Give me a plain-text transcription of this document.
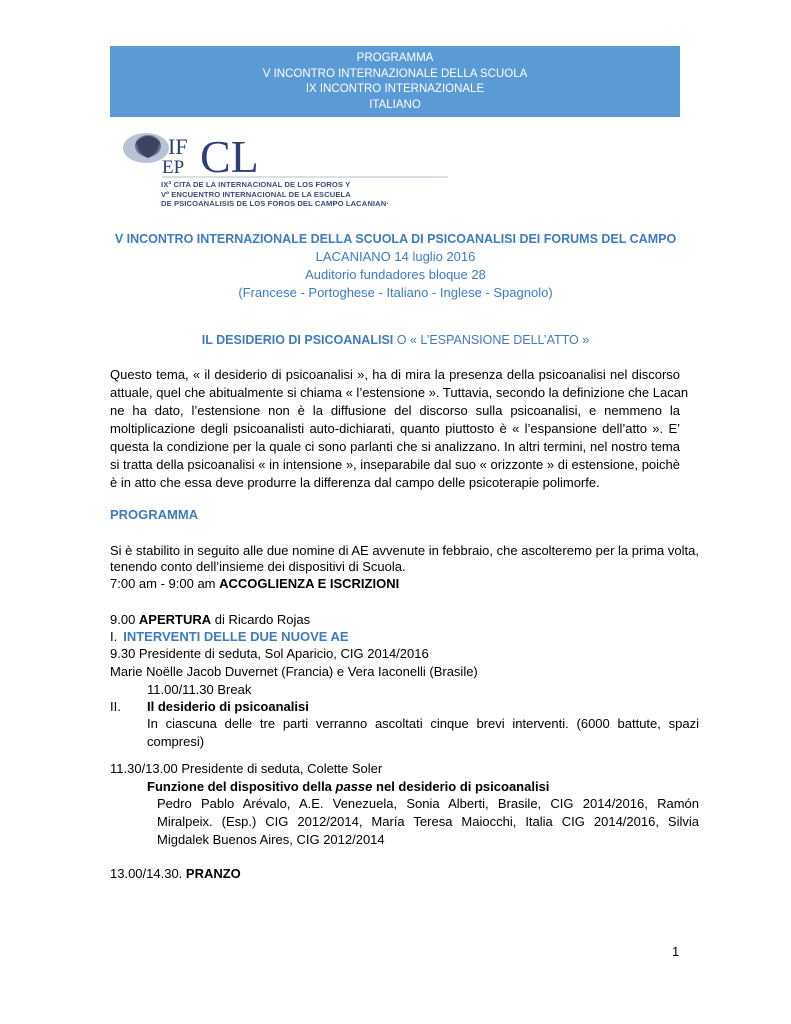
PROGRAMMA
V INCONTRO INTERNAZIONALE DELLA SCUOLA
IX INCONTRO INTERNAZIONALE
ITALIANO
IF
EP CL
IXª CITA DE LA INTERNACIONAL DE LOS FOROS Y
Vº ENCUENTRO INTERNACIONAL DE LA ESCUELA
DE PSICOANÁLISIS DE LOS FOROS DEL CAMPO LACANIAN·
V INCONTRO INTERNAZIONALE DELLA SCUOLA DI PSICOANALISI DEI FORUMS DEL CAMPO
LACANIANO 14 luglio 2016
Auditorio fundadores bloque 28
(Francese - Portoghese - Italiano - Inglese - Spagnolo)
IL DESIDERIO DI PSICOANALISI O « L’ESPANSIONE DELL’ATTO »
Questo tema, « il desiderio di psicoanalisi », ha di mira la presenza della psicoanalisi nel discorso
attuale, quel che abitualmente si chiama « l’estensione ». Tuttavia, secondo la definizione che Lacan
ne ha dato, l’estensione non è la diffusione del discorso sulla psicoanalisi, e nemmeno la
moltiplicazione degli psicoanalisti auto-dichiarati, quanto piuttosto è « l’espansione dell’atto ». E’
questa la condizione per la quale ci sono parlanti che si analizzano. In altri termini, nel nostro tema
si tratta della psicoanalisi « in intensione », inseparabile dal suo « orizzonte » di estensione, poichè
è in atto che essa deve produrre la differenza dal campo delle psicoterapie polimorfe.
PROGRAMMA
Si è stabilito in seguito alle due nomine di AE avvenute in febbraio, che ascolteremo per la prima volta,
tenendo conto dell’insieme dei dispositivi di Scuola.
7:00 am - 9:00 am ACCOGLIENZA E ISCRIZIONI
9.00 APERTURA di Ricardo Rojas
I. INTERVENTI DELLE DUE NUOVE AE
9.30 Presidente di seduta, Sol Aparicio, CIG 2014/2016
Marie Noëlle Jacob Duvernet (Francia) e Vera Iaconelli (Brasile)
11.00/11.30 Break
II. Il desiderio di psicoanalisi
In ciascuna delle tre parti verranno ascoltati cinque brevi interventi. (6000 battute, spazi
compresi)
11.30/13.00 Presidente di seduta, Colette Soler
Funzione del dispositivo della passe nel desiderio di psicoanalisi
Pedro Pablo Arévalo, A.E. Venezuela, Sonia Alberti, Brasile, CIG 2014/2016, Ramón
Miralpeix. (Esp.) CIG 2012/2014, María Teresa Maiocchi, Italia CIG 2014/2016, Silvia
Migdalek Buenos Aires, CIG 2012/2014
13.00/14.30. PRANZO
1
